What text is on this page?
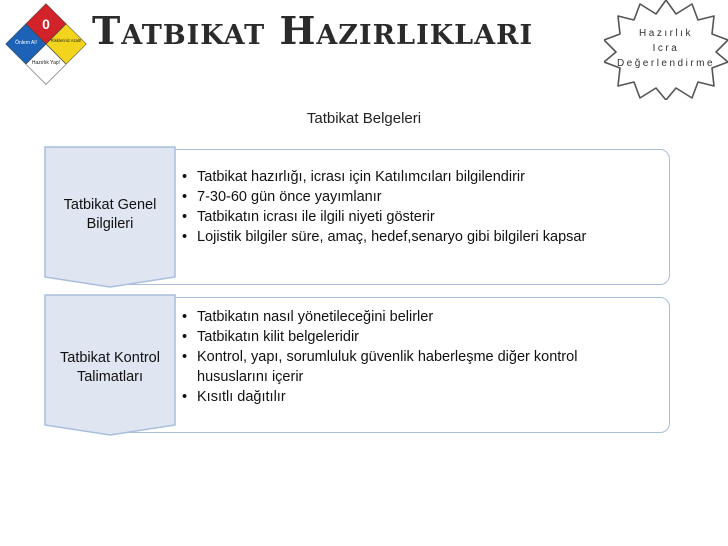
0
Önlem Al!	Riskleriniz Azalt!
Hazırlık Yap!
Tatbikat Hazırlıkları	Hazırlık
Icra
Değerlendirme
Tatbikat Belgeleri
Tatbikat Genel
Bilgileri
• Tatbikat hazırlığı, icrası için Katılımcıları bilgilendirir
• 7-30-60 gün önce yayımlanır
• Tatbikatın icrası ile ilgili niyeti gösterir
• Lojistik bilgiler süre, amaç, hedef,senaryo gibi bilgileri kapsar
Tatbikat Kontrol
Talimatları
• Tatbikatın nasıl yönetileceğini belirler
• Tatbikatın kilit belgeleridir
• Kontrol, yapı, sorumluluk güvenlik haberleşme diğer kontrol hususlarını içerir
• Kısıtlı dağıtılır
